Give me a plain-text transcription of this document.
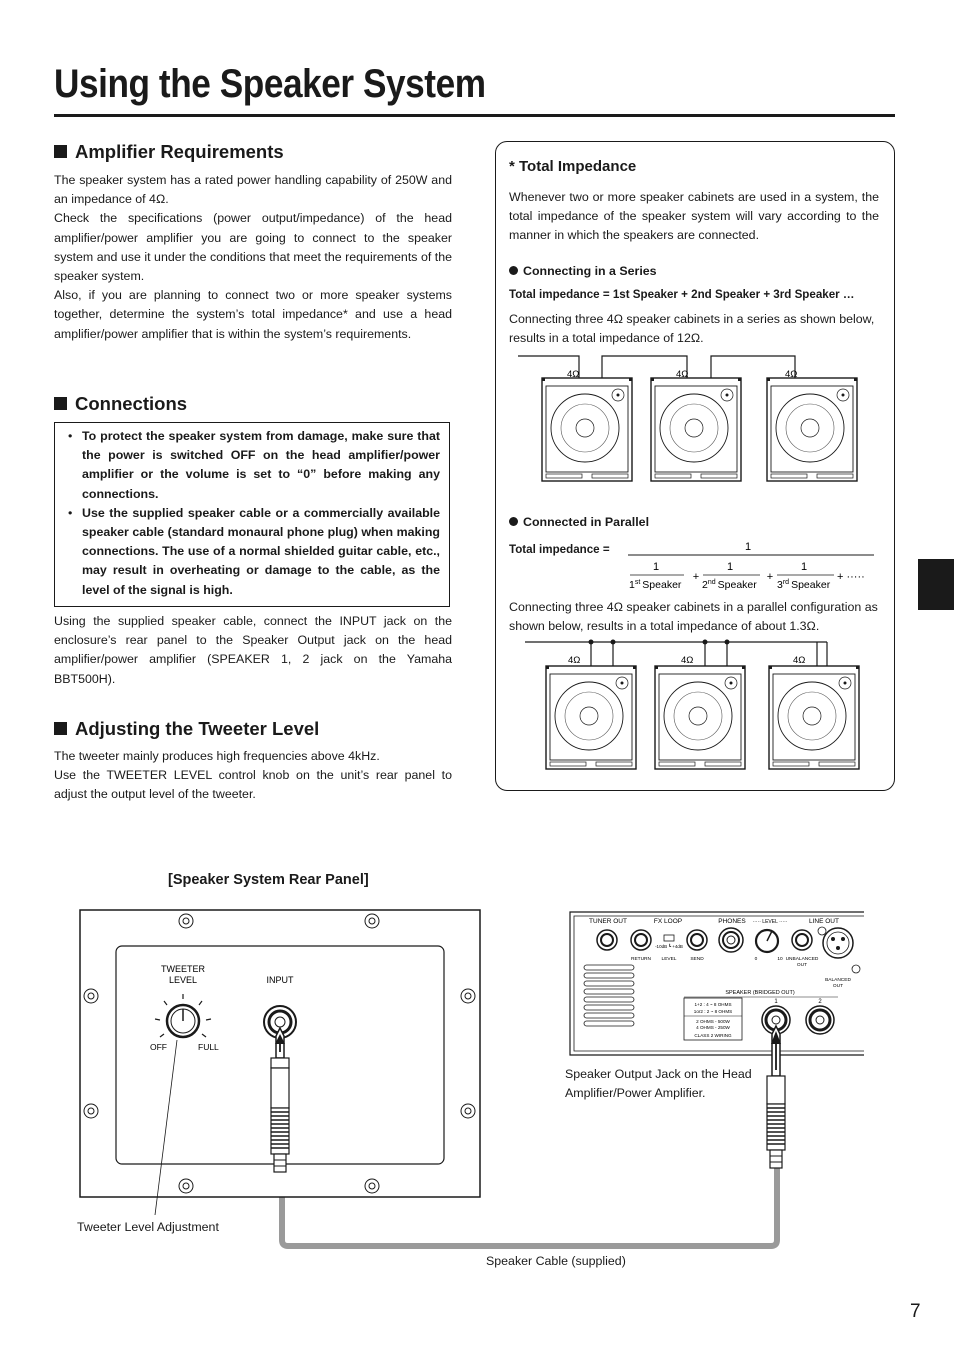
Using the Speaker System
Amplifier Requirements

The speaker system has a rated power handling capability of 250W and an impedance of 4Ω.

Check the specifications (power output/impedance) of the head amplifier/power amplifier you are going to connect to the speaker system and use it under the conditions that meet the requirements of the speaker system.

Also, if you are planning to connect two or more speaker systems together, determine the system’s total impedance* and use a head amplifier/power amplifier that is within the system’s requirements.

Connections
• To protect the speaker system from damage, make sure that the power is switched OFF on the head amplifier/power amplifier or the volume is set to “0” before making any connections.
• Use the supplied speaker cable or a commercially available speaker cable (standard monaural phone plug) when making connections. The use of a normal shielded guitar cable, etc., may result in overheating or damage to the cable, as the level of the signal is high.

Using the supplied speaker cable, connect the INPUT jack on the enclosure’s rear panel to the Speaker Output jack on the head amplifier/power amplifier (SPEAKER 1, 2 jack on the Yamaha BBT500H).

Adjusting the Tweeter Level

The tweeter mainly produces high frequencies above 4kHz.

Use the TWEETER LEVEL control knob on the unit’s rear panel to adjust the output level of the tweeter.

* Total Impedance
Whenever two or more speaker cabinets are used in a system, the total impedance of the speaker system will vary according to the manner in which the speakers are connected.
Connecting in a Series
Total impedance = 1st Speaker + 2nd Speaker + 3rd Speaker …
Connecting three 4Ω speaker cabinets in a series as shown below, results in a total impedance of 12Ω.
4Ω	4Ω	4Ω
Connected in Parallel
Total impedance =	1
1
1st Speaker
+
1
2nd Speaker
+
1
3rd Speaker
+ ·····
Connecting three 4Ω speaker cabinets in a parallel configuration as shown below, results in a total impedance of about 1.3Ω.
4Ω	4Ω	4Ω
[Speaker System Rear Panel]
TWEETER
LEVEL
OFF	FULL
INPUT
TUNER OUT	FX LOOP	PHONES ····· LEVEL ·····	LINE OUT
-10dB ┗ +4dB
RETURN LEVEL	SEND	0	10 UNBALANCED
OUT
BALANCED
OUT
SPEAKER (BRIDGED OUT)
1+2 : 4 ~ 8 OHMS
1or2 : 2 ~ 8 OHMS
2 OHMS - 500W
4 OHMS - 250W
CLASS 2 WIRING
1	2
Speaker Output Jack on the Head
Amplifier/Power Amplifier.
Tweeter Level Adjustment
Speaker Cable (supplied)
7
